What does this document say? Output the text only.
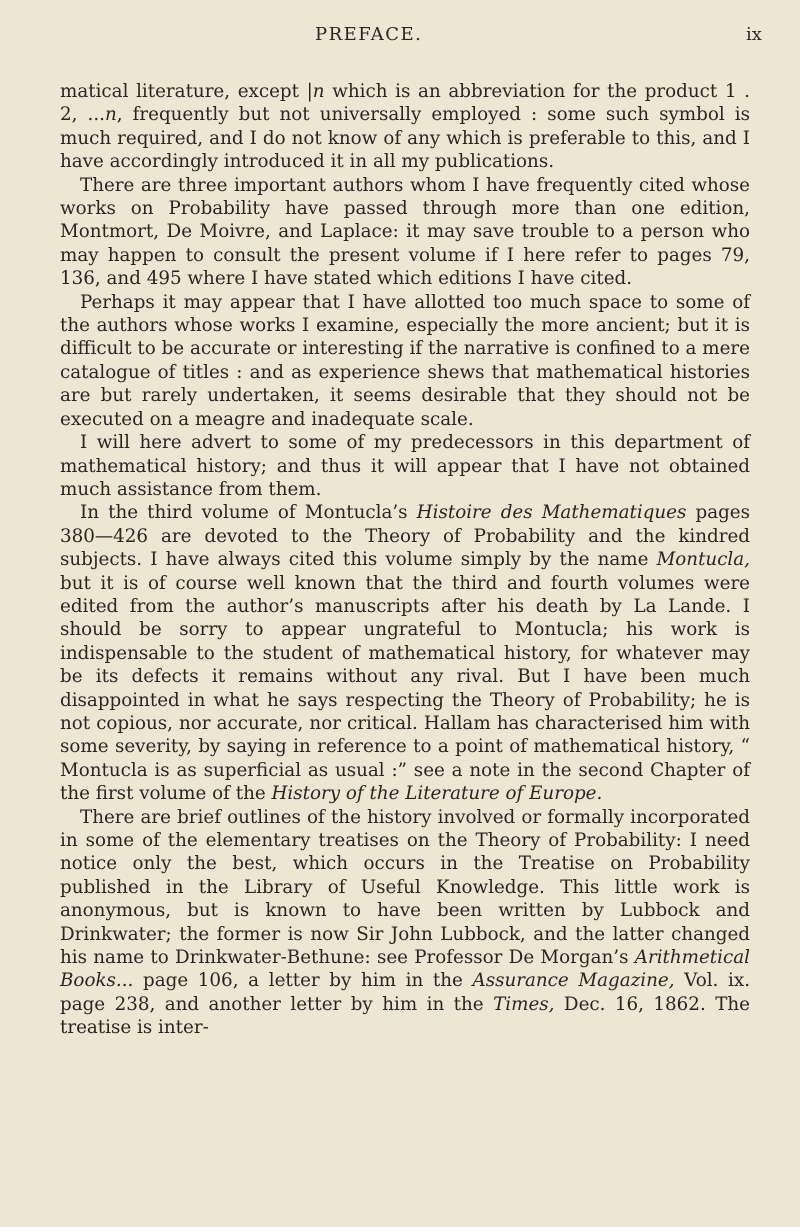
PREFACE.	ix

matical literature, except |n which is an abbreviation for the product 1 . 2, ...n, frequently but not universally employed : some such symbol is much required, and I do not know of any which is preferable to this, and I have accordingly introduced it in all my publications.

There are three important authors whom I have frequently cited whose works on Probability have passed through more than one edition, Montmort, De Moivre, and Laplace: it may save trouble to a person who may happen to consult the present volume if I here refer to pages 79, 136, and 495 where I have stated which editions I have cited.

Perhaps it may appear that I have allotted too much space to some of the authors whose works I examine, especially the more ancient; but it is difficult to be accurate or interesting if the narrative is confined to a mere catalogue of titles : and as experience shews that mathematical histories are but rarely undertaken, it seems desirable that they should not be executed on a meagre and inadequate scale.

I will here advert to some of my predecessors in this department of mathematical history; and thus it will appear that I have not obtained much assistance from them.

In the third volume of Montucla’s Histoire des Mathematiques pages 380—426 are devoted to the Theory of Probability and the kindred subjects. I have always cited this volume simply by the name Montucla, but it is of course well known that the third and fourth volumes were edited from the author’s manuscripts after his death by La Lande. I should be sorry to appear ungrateful to Montucla; his work is indispensable to the student of mathematical history, for whatever may be its defects it remains without any rival. But I have been much disappointed in what he says respecting the Theory of Probability; he is not copious, nor accurate, nor critical. Hallam has characterised him with some severity, by saying in reference to a point of mathematical history, “ Montucla is as superficial as usual :” see a note in the second Chapter of the first volume of the History of the Literature of Europe.

There are brief outlines of the history involved or formally incorporated in some of the elementary treatises on the Theory of Probability: I need notice only the best, which occurs in the Treatise on Probability published in the Library of Useful Knowledge. This little work is anonymous, but is known to have been written by Lubbock and Drinkwater; the former is now Sir John Lubbock, and the latter changed his name to Drinkwater-Bethune: see Professor De Morgan’s Arithmetical Books... page 106, a letter by him in the Assurance Magazine, Vol. ix. page 238, and another letter by him in the Times, Dec. 16, 1862. The treatise is inter-
